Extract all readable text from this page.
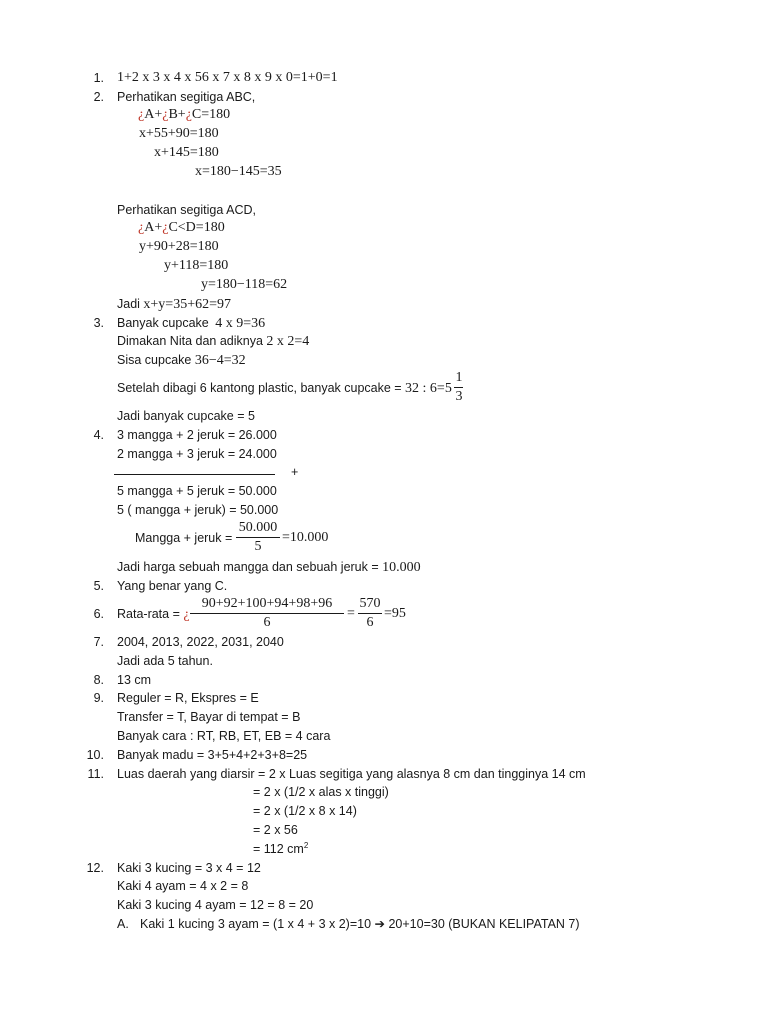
1. 1+2 x 3 x 4 x 56 x 7 x 8 x 9 x 0=1+0=1
2. Perhatikan segitiga ABC,
¿A+¿B+¿C=180
x+55+90=180
x+145=180
x=180−145=35
Perhatikan segitiga ACD,
¿A+¿C<D=180
y+90+28=180
y+118=180
y=180−118=62
Jadi x+y=35+62=97
3. Banyak cupcake 4 x 9=36
Dimakan Nita dan adiknya 2 x 2=4
Sisa cupcake 36−4=32
Setelah dibagi 6 kantong plastic, banyak cupcake = 32 : 6=5
1
3
Jadi banyak cupcake = 5
4. 3 mangga + 2 jeruk = 26.000
2 mangga + 3 jeruk = 24.000
+
5 mangga + 5 jeruk = 50.000
5 ( mangga + jeruk) = 50.000
Mangga + jeruk =
50.000
5
=10.000
Jadi harga sebuah mangga dan sebuah jeruk = 10.000
5. Yang benar yang C.
6. Rata-rata = ¿
90+92+100+94+98+96
6
=
570
6
=95
7. 2004, 2013, 2022, 2031, 2040
Jadi ada 5 tahun.
8. 13 cm
9. Reguler = R, Ekspres = E
Transfer = T, Bayar di tempat = B
Banyak cara : RT, RB, ET, EB = 4 cara
10. Banyak madu = 3+5+4+2+3+8=25
11. Luas daerah yang diarsir = 2 x Luas segitiga yang alasnya 8 cm dan tingginya 14 cm
= 2 x (1/2 x alas x tinggi)
= 2 x (1/2 x 8 x 14)
= 2 x 56
= 112 $cm^2$
12. Kaki 3 kucing = 3 x 4 = 12
Kaki 4 ayam = 4 x 2 = 8
Kaki 3 kucing 4 ayam = 12 = 8 = 20
A. Kaki 1 kucing 3 ayam = (1 x 4 + 3 x 2)=10 ➔ 20+10=30 (BUKAN KELIPATAN 7)
